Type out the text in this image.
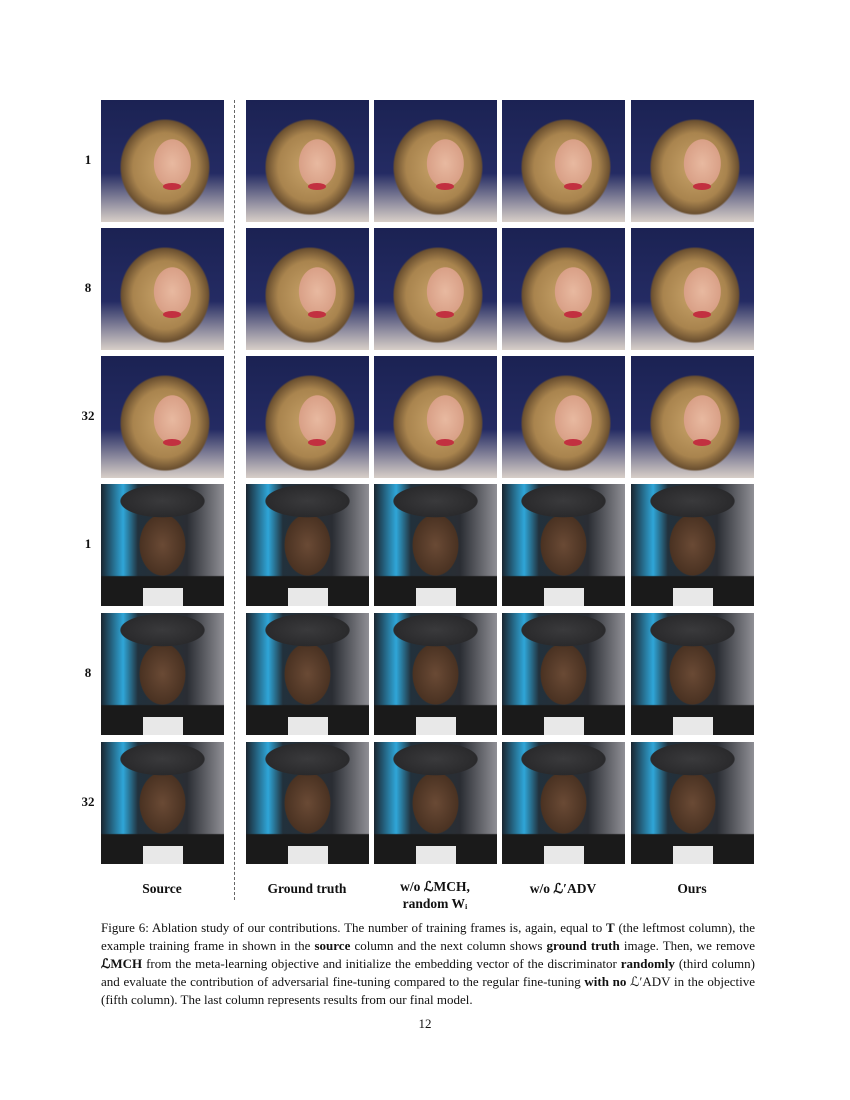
1
8
32
1
8
32
Source	Ground truth	w/o ℒMCH,
random Wᵢ
w/o ℒ′ADV	Ours
Figure 6: Ablation study of our contributions. The number of training frames is, again, equal to T (the leftmost column), the example training frame in shown in the source column and the next column shows ground truth image. Then, we remove ℒMCH from the meta-learning objective and initialize the embedding vector of the discriminator randomly (third column) and evaluate the contribution of adversarial fine-tuning compared to the regular fine-tuning with no ℒ′ADV in the objective (fifth column). The last column represents results from our final model.
12
